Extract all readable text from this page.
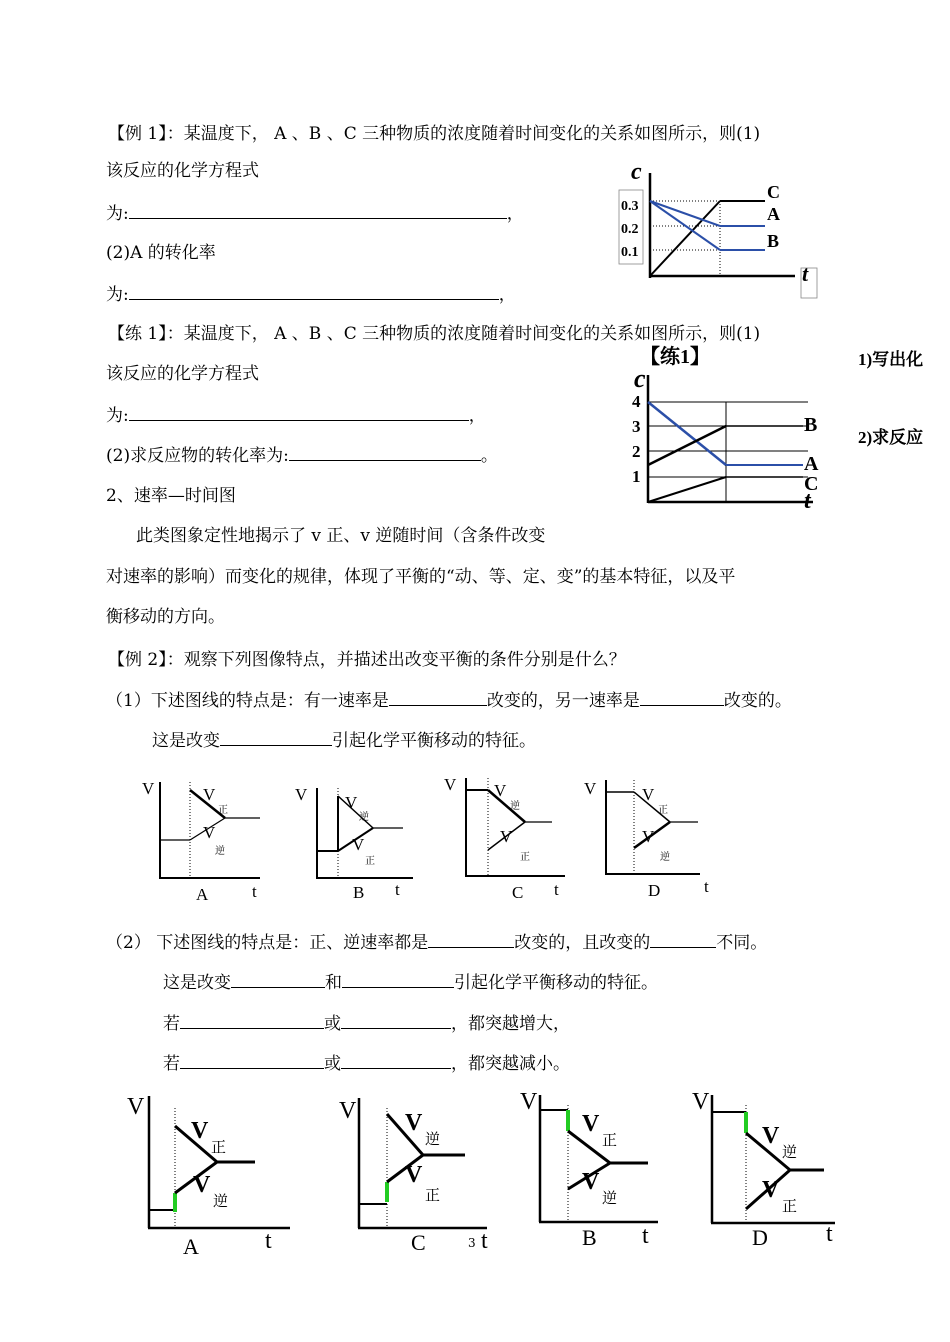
【例 1】：某温度下， A 、B 、C 三种物质的浓度随着时间变化的关系如图所示，则(1)
该反应的化学方程式
为:	，
(2)A 的转化率
为:	，
c
t
0.3
0.2
0.1
C
A
B
【练 1】：某温度下， A 、B 、C 三种物质的浓度随着时间变化的关系如图所示，则(1)
该反应的化学方程式
为:	，
(2)求反应物的转化率为:	。
【练1】	1)写出化
2)求反应
c
t
4
3
2
1
B
A
C
2、速率—时间图
此类图象定性地揭示了 v 正、v 逆随时间（含条件改变
对速率的影响）而变化的规律，体现了平衡的“动、等、定、变”的基本特征，以及平
衡移动的方向。
【例 2】：观察下列图像特点，并描述出改变平衡的条件分别是什么？
（1）下述图线的特点是：有一速率是	改变的，另一速率是	改变的。
这是改变	引起化学平衡移动的特征。
V
t
A
V
正
V
逆
V
t
B
V
逆
V
正
V
t
C
V
逆
V
正
V
t
D
V
正
V
逆
（2） 下述图线的特点是：正、逆速率都是	改变的，且改变的	不同。
这是改变	和	引起化学平衡移动的特征。
若	或	，都突越增大，
若	或	，都突越减小。
V
t
A
V
正
V
逆
V
t
C
V
逆
V
正
V
t
B
V
正
V
逆
V
t
D
V
逆
V
正
3
